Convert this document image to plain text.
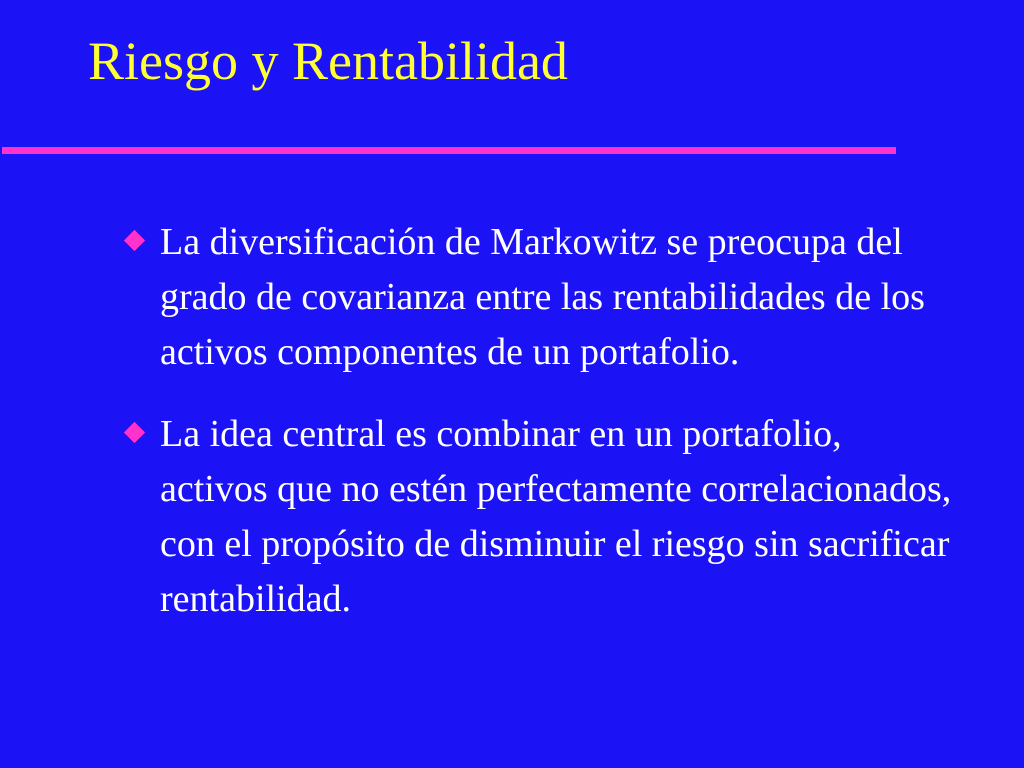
Riesgo y Rentabilidad
La diversificación de Markowitz se preocupa del grado de covarianza entre las rentabilidades de los activos componentes de un portafolio.
La idea central es combinar en un portafolio, activos que no estén perfectamente correlacionados, con el propósito de disminuir el riesgo sin sacrificar rentabilidad.
